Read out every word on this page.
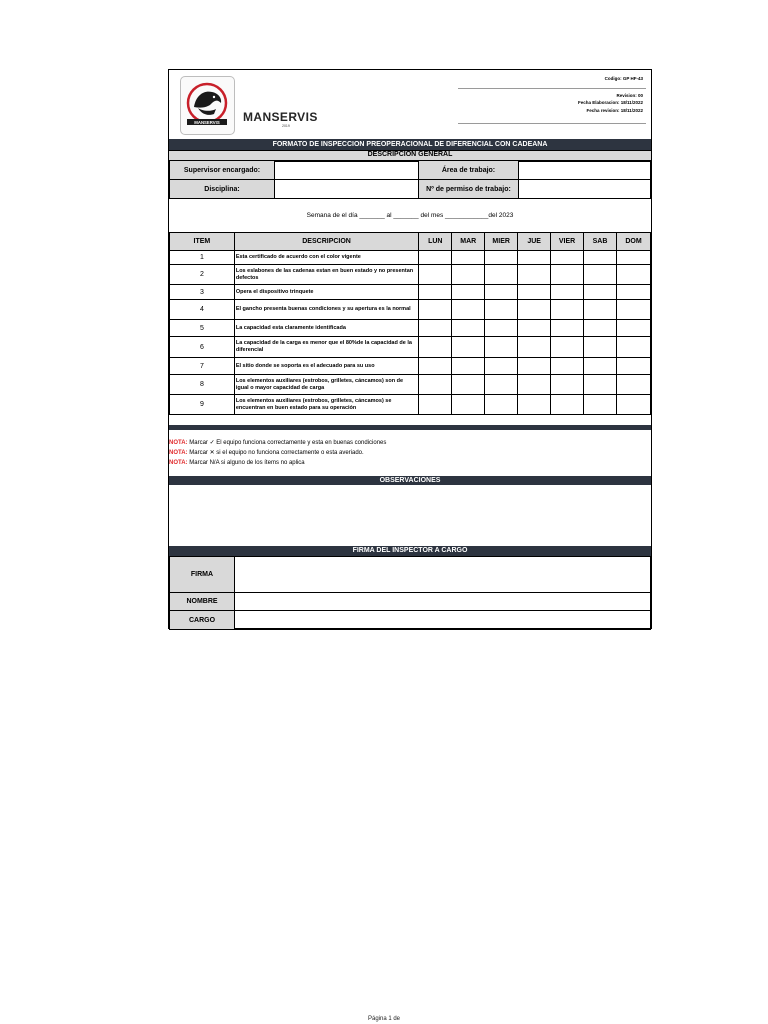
MANSERVIS MANSERVIS
2019
Codigo: GP HF-43
Revision: 00
Fecha Elaboracion: 18/11/2022
Fecha revision: 18/11/2022
FORMATO DE INSPECCION PREOPERACIONAL DE DIFERENCIAL CON CADEANA
DESCRIPCION GENERAL
Supervisor encargado:		Área de trabajo:	
Disciplina:		Nº de permiso de trabajo:	
Semana de el día _______ al _______ del mes ____________del 2023
ITEM	DESCRIPCION	LUN	MAR	MIER	JUE	VIER	SAB	DOM
1	Esta certificado de acuerdo con el color vigente							
2	Los eslabones de las cadenas estan en buen estado y no presentan defectos							
3	Opera el dispositivo trinquete							
4	El gancho presenta buenas condiciones y su apertura es la normal							
5	La capacidad esta claramente identificada							
6	La capacidad de la carga es menor que el 80%de la capacidad de la diferencial							
7	El sitio donde se soporta es el adecuado para su uso							
8	Los elementos auxiliares (estrobos, grilletes, cáncamos) son de igual o mayor capacidad de carga							
9	Los elementos auxiliares (estrobos, grilletes, cáncamos) se encuentran en buen estado para su operación							
NOTA: Marcar ✓ El equipo funciona correctamente y esta en buenas condiciones
NOTA: Marcar ✕ si el equipo no funciona correctamente o esta averiado.
NOTA: Marcar N/A si alguno de los ítems no aplica
OBSERVACIONES
FIRMA DEL INSPECTOR A CARGO
FIRMA	
NOMBRE	
CARGO	
Página 1 de
